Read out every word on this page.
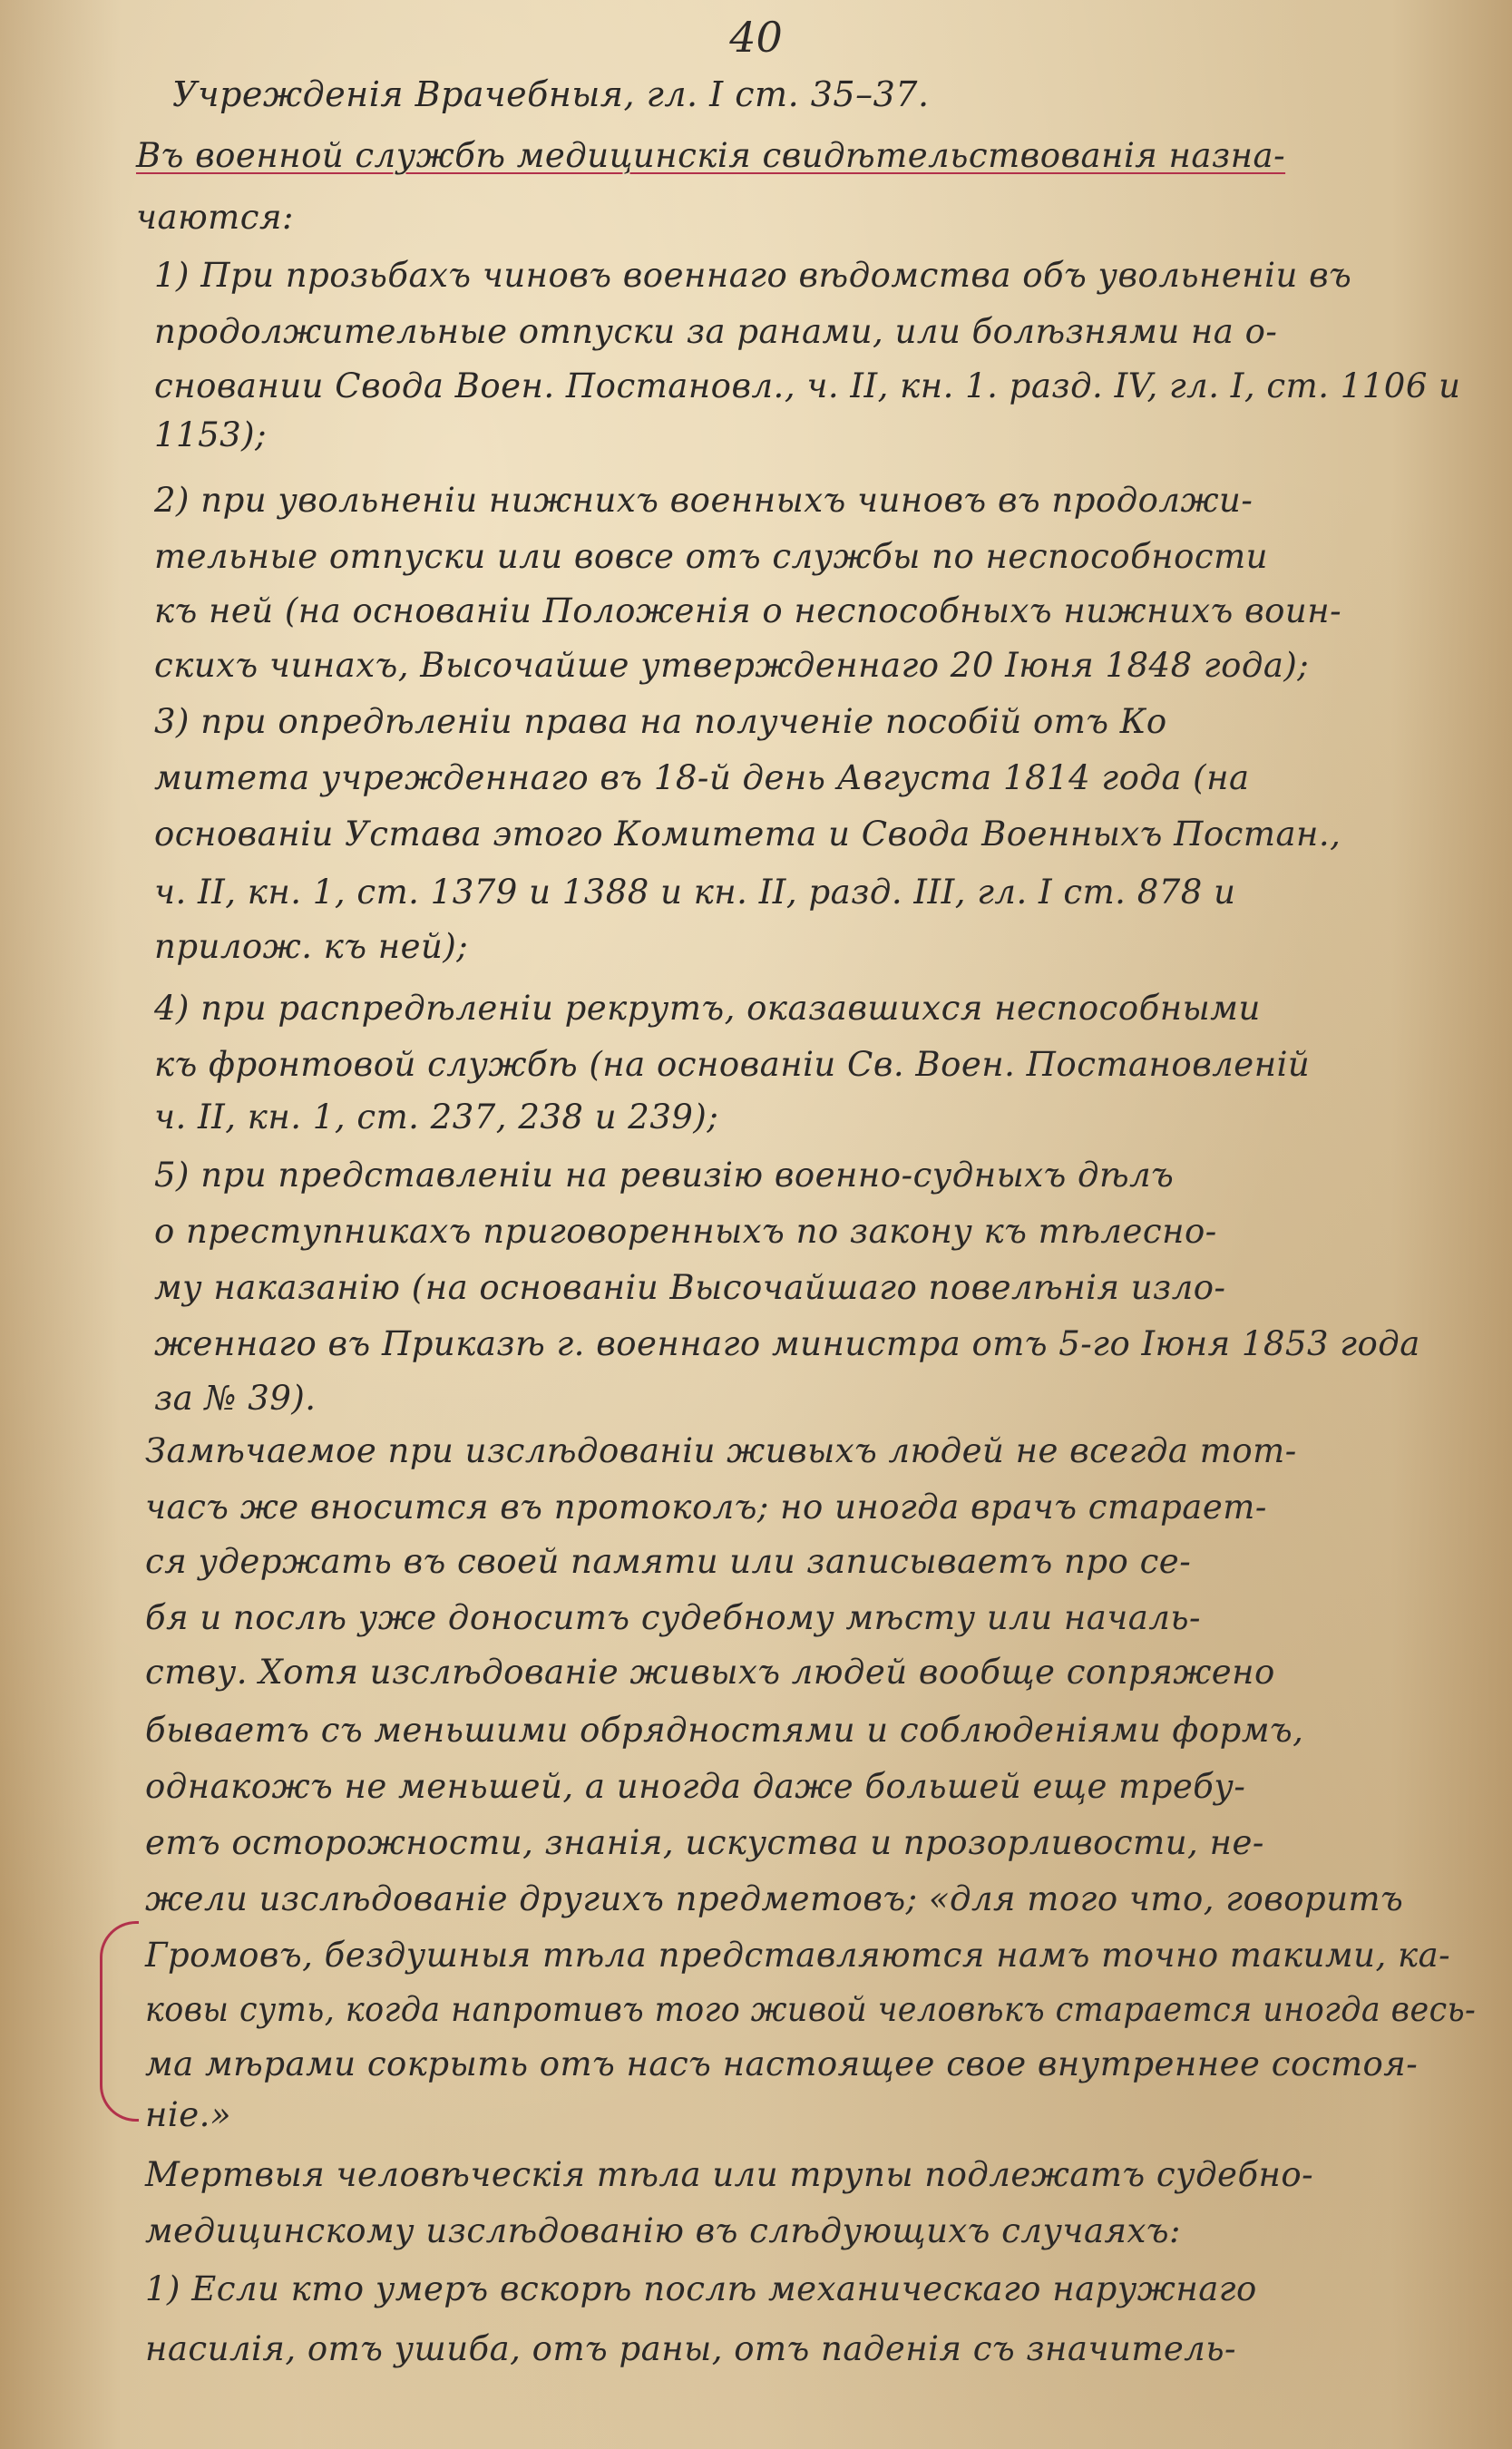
40
Учрежденія Врачебныя, гл. I ст. 35–37.
Въ военной службѣ медицинскія свидѣтельствованія назна-
чаются:
1) При прозьбахъ чиновъ военнаго вѣдомства объ увольненіи въ
продолжительные отпуски за ранами, или болѣзнями на о-
сновании Свода Воен. Постановл., ч. II, кн. 1. разд. IV, гл. I, ст. 1106 и
1153);
2) при увольненіи нижнихъ военныхъ чиновъ въ продолжи-
тельные отпуски или вовсе отъ службы по неспособности
къ ней (на основаніи Положенія о неспособныхъ нижнихъ воин-
скихъ чинахъ, Высочайше утвержденнаго 20 Іюня 1848 года);
3) при опредѣленіи права на полученіе пособій отъ Ко
митета учрежденнаго въ 18-й день Августа 1814 года (на
основаніи Устава этого Комитета и Свода Военныхъ Постан.,
ч. II, кн. 1, ст. 1379 и 1388 и кн. II, разд. III, гл. I ст. 878 и
прилож. къ ней);
4) при распредѣленіи рекрутъ, оказавшихся неспособными
къ фронтовой службѣ (на основаніи Св. Воен. Постановленій
ч. II, кн. 1, ст. 237, 238 и 239);
5) при представленіи на ревизію военно-судныхъ дѣлъ
о преступникахъ приговоренныхъ по закону къ тѣлесно-
му наказанію (на основаніи Высочайшаго повелѣнія изло-
женнаго въ Приказѣ г. военнаго министра отъ 5-го Іюня 1853 года
за № 39).
Замѣчаемое при изслѣдованіи живыхъ людей не всегда тот-
часъ же вносится въ протоколъ; но иногда врачъ старает-
ся удержать въ своей памяти или записываетъ про се-
бя и послѣ уже доноситъ судебному мѣсту или началь-
ству. Хотя изслѣдованіе живыхъ людей вообще сопряжено
бываетъ съ меньшими обрядностями и соблюденіями формъ,
однакожъ не меньшей, а иногда даже большей еще требу-
етъ осторожности, знанія, искуства и прозорливости, не-
жели изслѣдованіе другихъ предметовъ; «для того что, говоритъ
Громовъ, бездушныя тѣла представляются намъ точно такими, ка-
ковы суть, когда напротивъ того живой человѣкъ старается иногда весь-
ма мѣрами сокрыть отъ насъ настоящее свое внутреннее состоя-
ніе.»
Мертвыя человѣческія тѣла или трупы подлежатъ судебно-
медицинскому изслѣдованію въ слѣдующихъ случаяхъ:
1) Если кто умеръ вскорѣ послѣ механическаго наружнаго
насилія, отъ ушиба, отъ раны, отъ паденія съ значитель-
